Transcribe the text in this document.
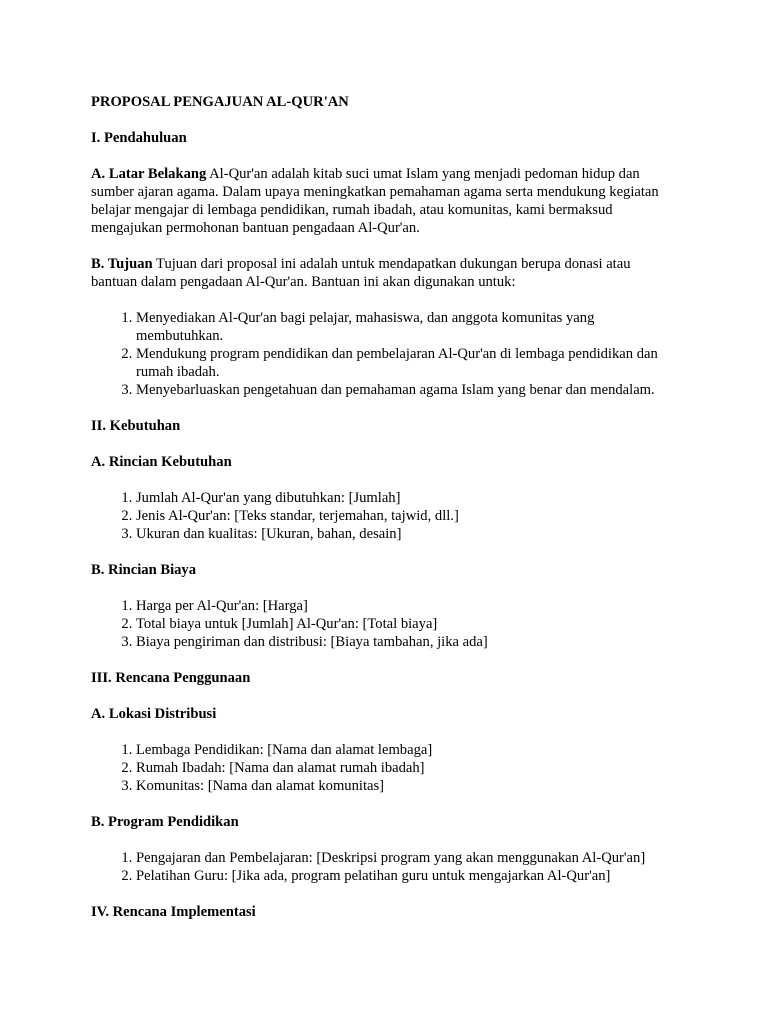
PROPOSAL PENGAJUAN AL-QUR'AN

I. Pendahuluan

A. Latar Belakang Al-Qur'an adalah kitab suci umat Islam yang menjadi pedoman hidup dan sumber ajaran agama. Dalam upaya meningkatkan pemahaman agama serta mendukung kegiatan belajar mengajar di lembaga pendidikan, rumah ibadah, atau komunitas, kami bermaksud mengajukan permohonan bantuan pengadaan Al-Qur'an.

B. Tujuan Tujuan dari proposal ini adalah untuk mendapatkan dukungan berupa donasi atau bantuan dalam pengadaan Al-Qur'an. Bantuan ini akan digunakan untuk:

1. Menyediakan Al-Qur'an bagi pelajar, mahasiswa, dan anggota komunitas yang membutuhkan.
2. Mendukung program pendidikan dan pembelajaran Al-Qur'an di lembaga pendidikan dan rumah ibadah.
3. Menyebarluaskan pengetahuan dan pemahaman agama Islam yang benar dan mendalam.

II. Kebutuhan

A. Rincian Kebutuhan

1. Jumlah Al-Qur'an yang dibutuhkan: [Jumlah]
2. Jenis Al-Qur'an: [Teks standar, terjemahan, tajwid, dll.]
3. Ukuran dan kualitas: [Ukuran, bahan, desain]

B. Rincian Biaya

1. Harga per Al-Qur'an: [Harga]
2. Total biaya untuk [Jumlah] Al-Qur'an: [Total biaya]
3. Biaya pengiriman dan distribusi: [Biaya tambahan, jika ada]

III. Rencana Penggunaan

A. Lokasi Distribusi

1. Lembaga Pendidikan: [Nama dan alamat lembaga]
2. Rumah Ibadah: [Nama dan alamat rumah ibadah]
3. Komunitas: [Nama dan alamat komunitas]

B. Program Pendidikan

1. Pengajaran dan Pembelajaran: [Deskripsi program yang akan menggunakan Al-Qur'an]
2. Pelatihan Guru: [Jika ada, program pelatihan guru untuk mengajarkan Al-Qur'an]

IV. Rencana Implementasi
